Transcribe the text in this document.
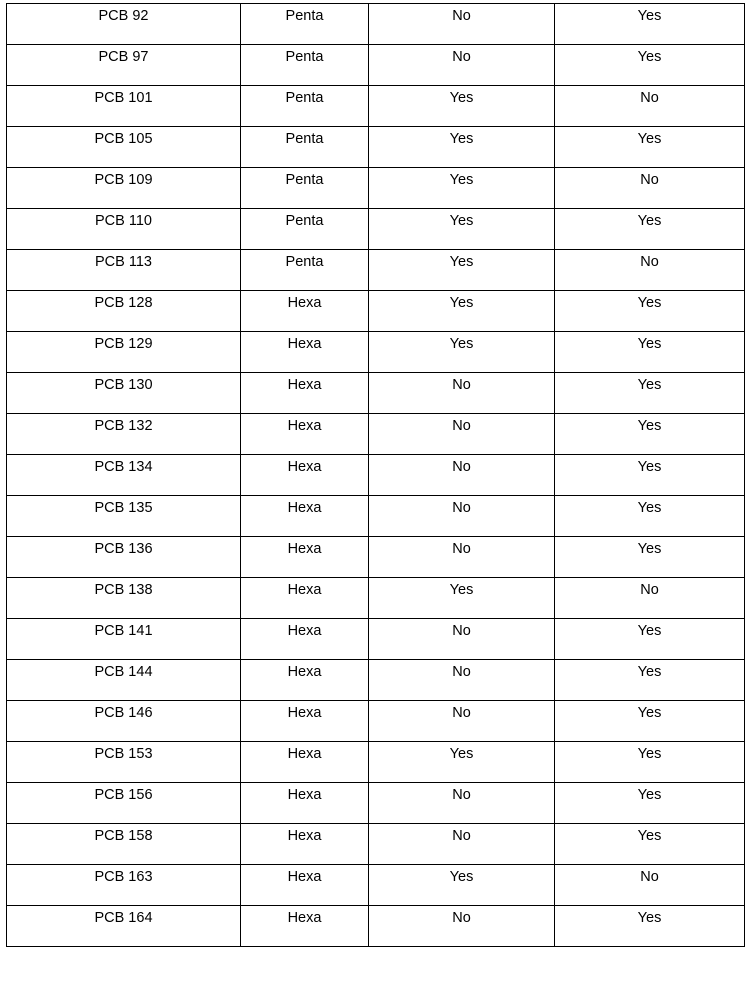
PCB 92	Penta	No	Yes
PCB 97	Penta	No	Yes
PCB 101	Penta	Yes	No
PCB 105	Penta	Yes	Yes
PCB 109	Penta	Yes	No
PCB 110	Penta	Yes	Yes
PCB 113	Penta	Yes	No
PCB 128	Hexa	Yes	Yes
PCB 129	Hexa	Yes	Yes
PCB 130	Hexa	No	Yes
PCB 132	Hexa	No	Yes
PCB 134	Hexa	No	Yes
PCB 135	Hexa	No	Yes
PCB 136	Hexa	No	Yes
PCB 138	Hexa	Yes	No
PCB 141	Hexa	No	Yes
PCB 144	Hexa	No	Yes
PCB 146	Hexa	No	Yes
PCB 153	Hexa	Yes	Yes
PCB 156	Hexa	No	Yes
PCB 158	Hexa	No	Yes
PCB 163	Hexa	Yes	No
PCB 164	Hexa	No	Yes
